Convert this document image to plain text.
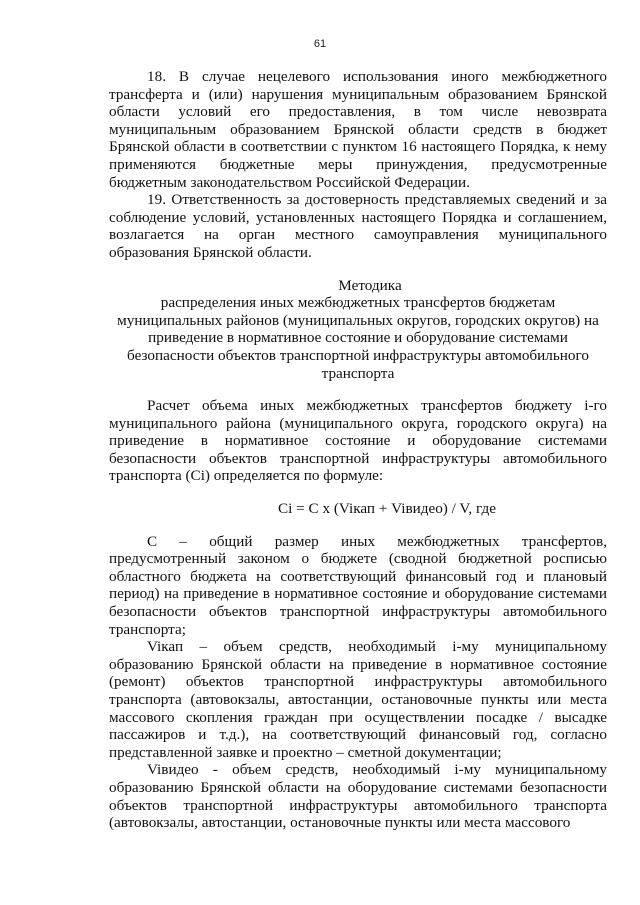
61

18. В случае нецелевого использования иного межбюджетного трансферта и (или) нарушения муниципальным образованием Брянской области условий его предоставления, в том числе невозврата муниципальным образованием Брянской области средств в бюджет Брянской области в соответствии с пунктом 16 настоящего Порядка, к нему применяются бюджетные меры принуждения, предусмотренные бюджетным законодательством Российской Федерации.

19. Ответственность за достоверность представляемых сведений и за соблюдение условий, установленных настоящего Порядка и соглашением, возлагается на орган местного самоуправления муниципального образования Брянской области.

Методика

распределения иных межбюджетных трансфертов бюджетам муниципальных районов (муниципальных округов, городских округов) на приведение в нормативное состояние и оборудование системами безопасности объектов транспортной инфраструктуры автомобильного транспорта

Расчет объема иных межбюджетных трансфертов бюджету i-го муниципального района (муниципального округа, городского округа) на приведение в нормативное состояние и оборудование системами безопасности объектов транспортной инфраструктуры автомобильного транспорта (Ci) определяется по формуле:

Ci = C x (Viкап + Viвидео) / V, где

С – общий размер иных межбюджетных трансфертов, предусмотренный законом о бюджете (сводной бюджетной росписью областного бюджета на соответствующий финансовый год и плановый период) на приведение в нормативное состояние и оборудование системами безопасности объектов транспортной инфраструктуры автомобильного транспорта;

Viкап – объем средств, необходимый i-му муниципальному образованию Брянской области на приведение в нормативное состояние (ремонт) объектов транспортной инфраструктуры автомобильного транспорта (автовокзалы, автостанции, остановочные пункты или места массового скопления граждан при осуществлении посадке / высадке пассажиров и т.д.), на соответствующий финансовый год, согласно представленной заявке и проектно – сметной документации;

Viвидео - объем средств, необходимый i-му муниципальному образованию Брянской области на оборудование системами безопасности объектов транспортной инфраструктуры автомобильного транспорта (автовокзалы, автостанции, остановочные пункты или места массового
